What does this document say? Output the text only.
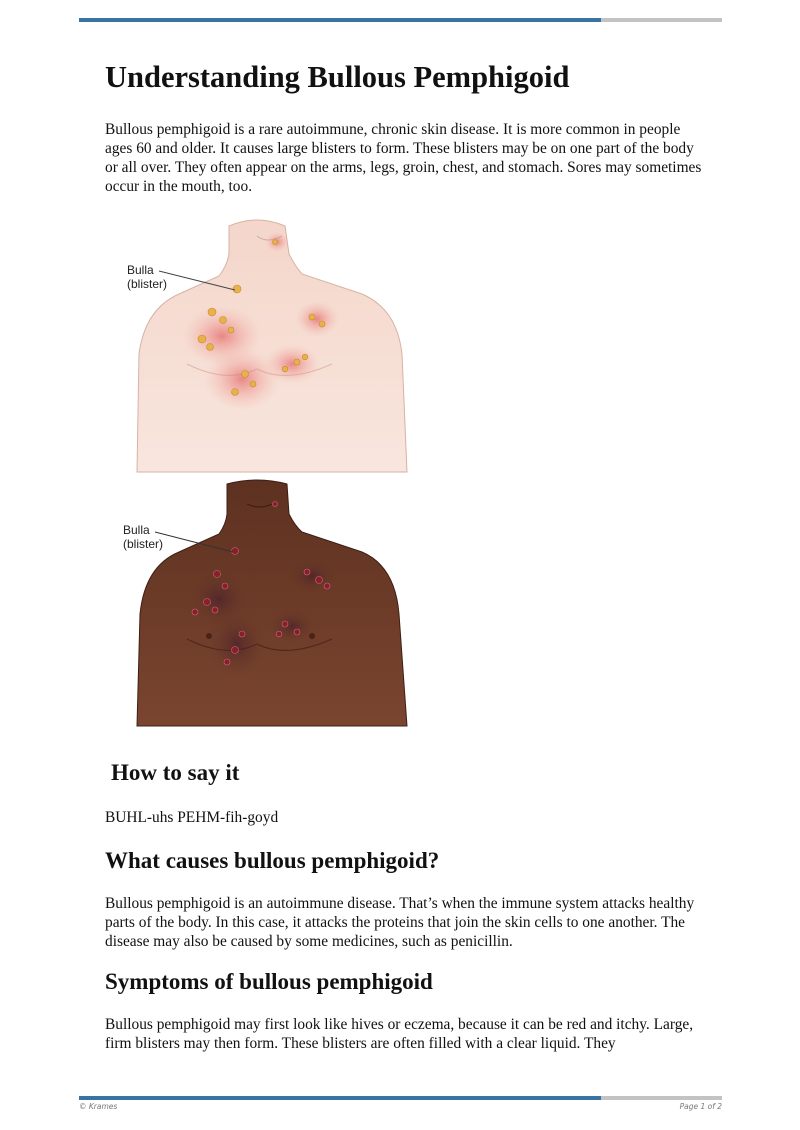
Understanding Bullous Pemphigoid

Bullous pemphigoid is a rare autoimmune, chronic skin disease. It is more common in people ages 60 and older. It causes large blisters to form. These blisters may be on one part of the body or all over. They often appear on the arms, legs, groin, chest, and stomach. Sores may sometimes occur in the mouth, too.

Bulla
(blister)
Bulla
(blister)
How to say it

BUHL-uhs PEHM-fih-goyd

What causes bullous pemphigoid?

Bullous pemphigoid is an autoimmune disease. That’s when the immune system attacks healthy parts of the body. In this case, it attacks the proteins that join the skin cells to one another. The disease may also be caused by some medicines, such as penicillin.

Symptoms of bullous pemphigoid

Bullous pemphigoid may first look like hives or eczema, because it can be red and itchy. Large, firm blisters may then form. These blisters are often filled with a clear liquid. They

© Krames	Page 1 of 2
